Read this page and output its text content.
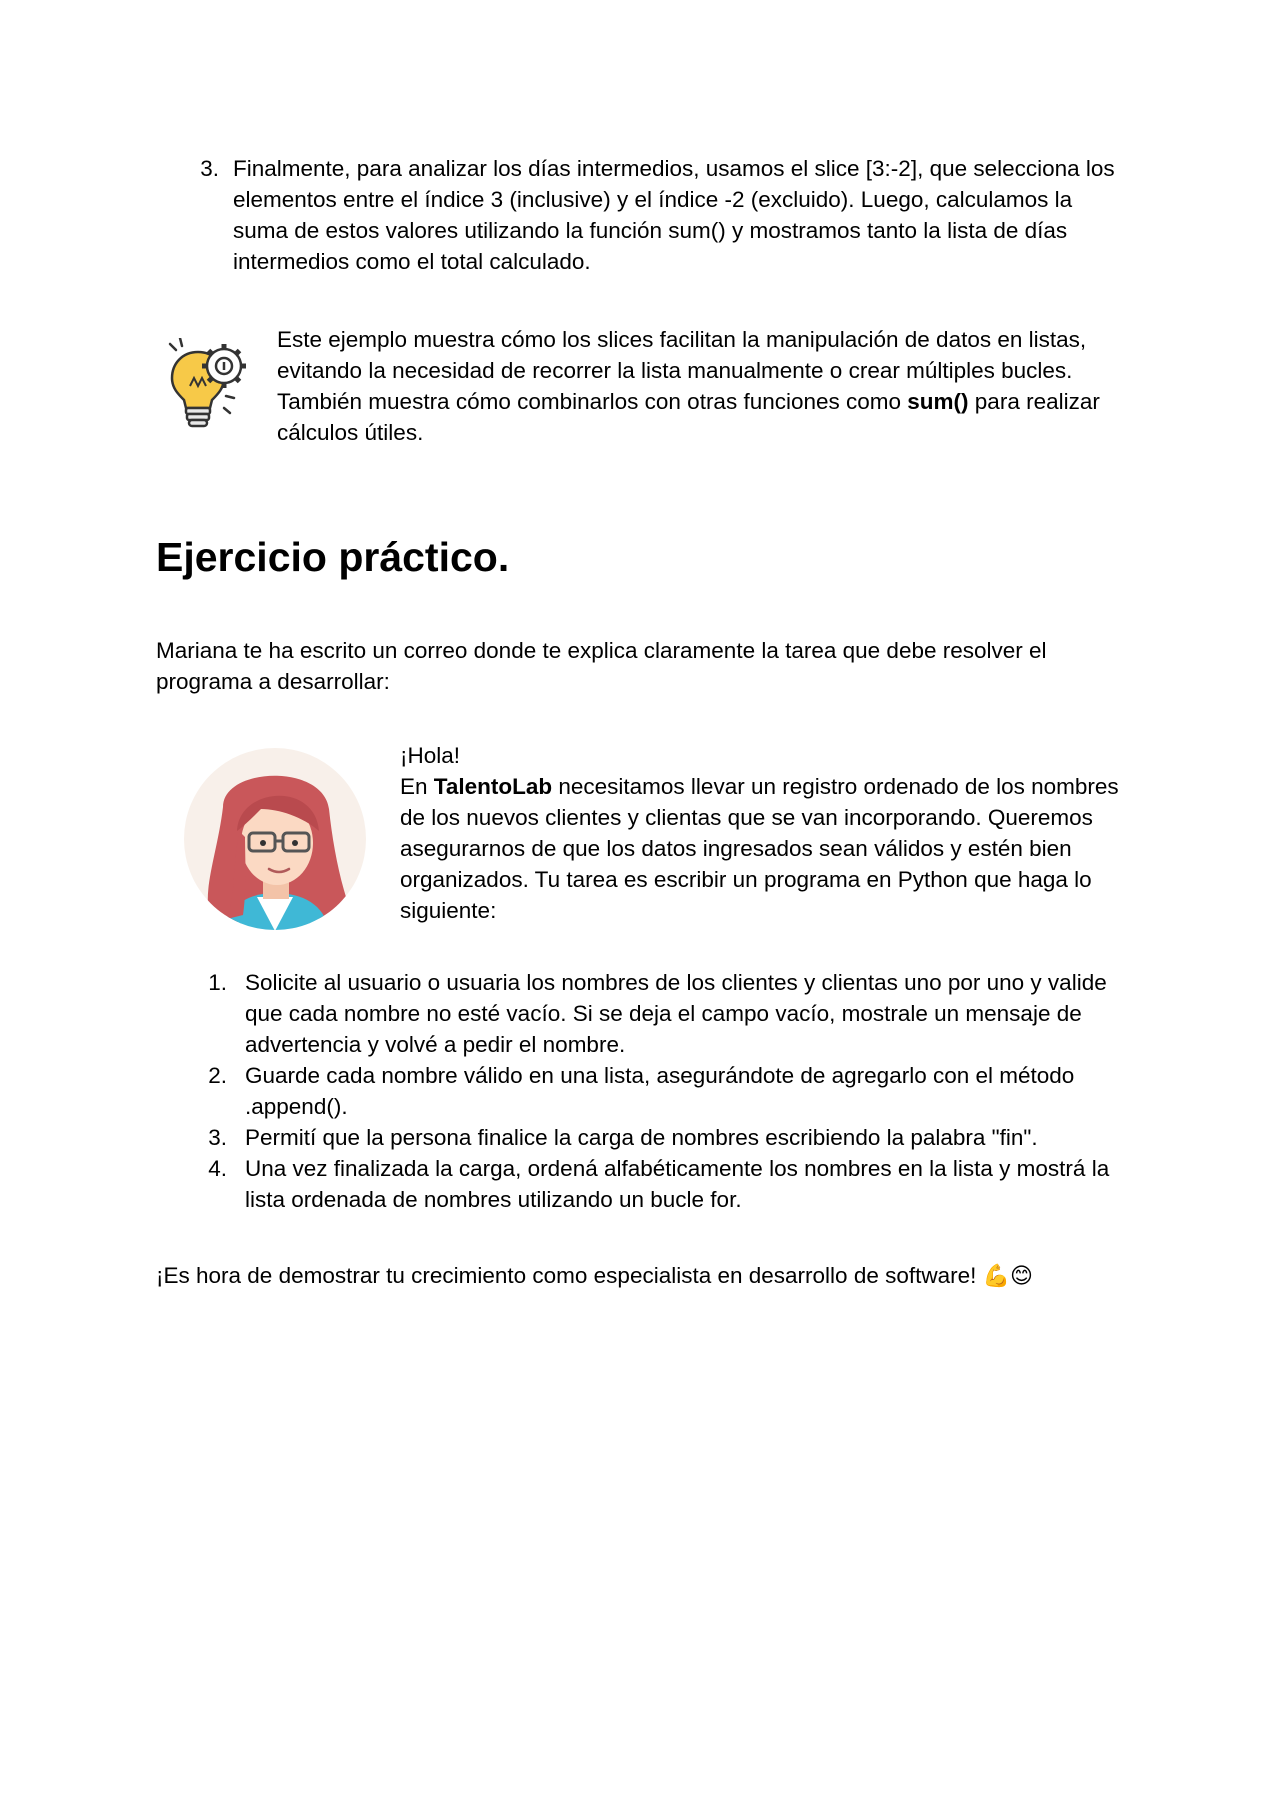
3. Finalmente, para analizar los días intermedios, usamos el slice [3:-2], que selecciona los elementos entre el índice 3 (inclusive) y el índice -2 (excluido). Luego, calculamos la suma de estos valores utilizando la función sum() y mostramos tanto la lista de días intermedios como el total calculado.
Este ejemplo muestra cómo los slices facilitan la manipulación de datos en listas, evitando la necesidad de recorrer la lista manualmente o crear múltiples bucles. También muestra cómo combinarlos con otras funciones como sum() para realizar cálculos útiles.
Ejercicio práctico.
Mariana te ha escrito un correo donde te explica claramente la tarea que debe resolver el programa a desarrollar:
¡Hola!
En TalentoLab necesitamos llevar un registro ordenado de los nombres de los nuevos clientes y clientas que se van incorporando. Queremos asegurarnos de que los datos ingresados sean válidos y estén bien organizados. Tu tarea es escribir un programa en Python que haga lo siguiente:
1. Solicite al usuario o usuaria los nombres de los clientes y clientas uno por uno y valide que cada nombre no esté vacío. Si se deja el campo vacío, mostrale un mensaje de advertencia y volvé a pedir el nombre.
2. Guarde cada nombre válido en una lista, asegurándote de agregarlo con el método .append().
3. Permití que la persona finalice la carga de nombres escribiendo la palabra "fin".
4. Una vez finalizada la carga, ordená alfabéticamente los nombres en la lista y mostrá la lista ordenada de nombres utilizando un bucle for.
¡Es hora de demostrar tu crecimiento como especialista en desarrollo de software! 💪😊
